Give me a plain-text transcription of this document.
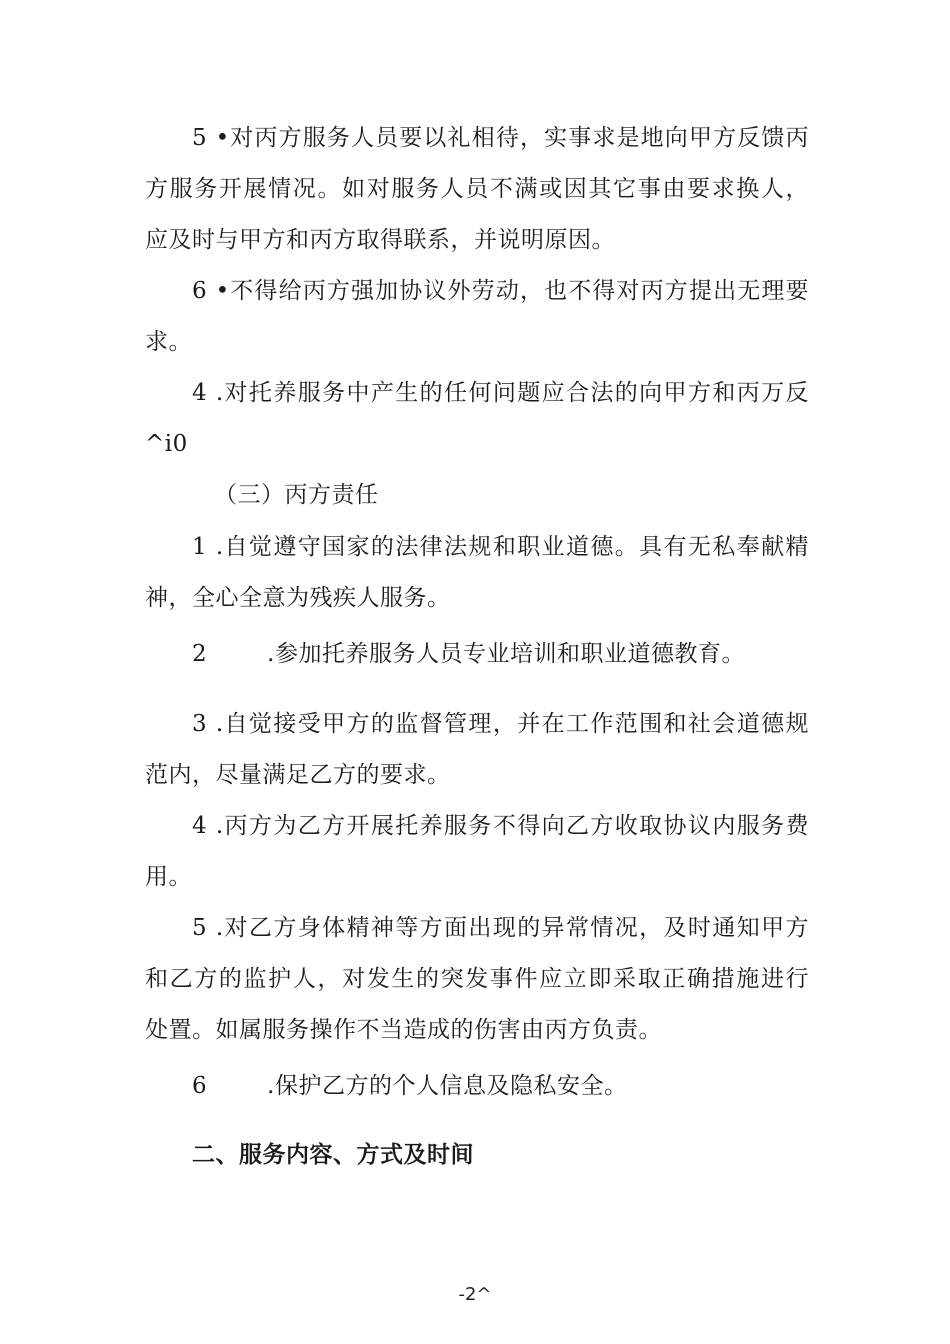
5 •对丙方服务人员要以礼相待，实事求是地向甲方反馈丙
方服务开展情况。如对服务人员不满或因其它事由要求换人，
应及时与甲方和丙方取得联系，并说明原因。
6 •不得给丙方强加协议外劳动，也不得对丙方提出无理要
求。
4 .对托养服务中产生的任何问题应合法的向甲方和丙万反
^i0
（三）丙方责任
1 .自觉遵守国家的法律法规和职业道德。具有无私奉献精
神，全心全意为残疾人服务。
2	.参加托养服务人员专业培训和职业道德教育。
3 .自觉接受甲方的监督管理，并在工作范围和社会道德规
范内，尽量满足乙方的要求。
4 .丙方为乙方开展托养服务不得向乙方收取协议内服务费
用。
5 .对乙方身体精神等方面出现的异常情况，及时通知甲方
和乙方的监护人，对发生的突发事件应立即采取正确措施进行
处置。如属服务操作不当造成的伤害由丙方负责。
6	.保护乙方的个人信息及隐私安全。
二、服务内容、方式及时间
-2^
